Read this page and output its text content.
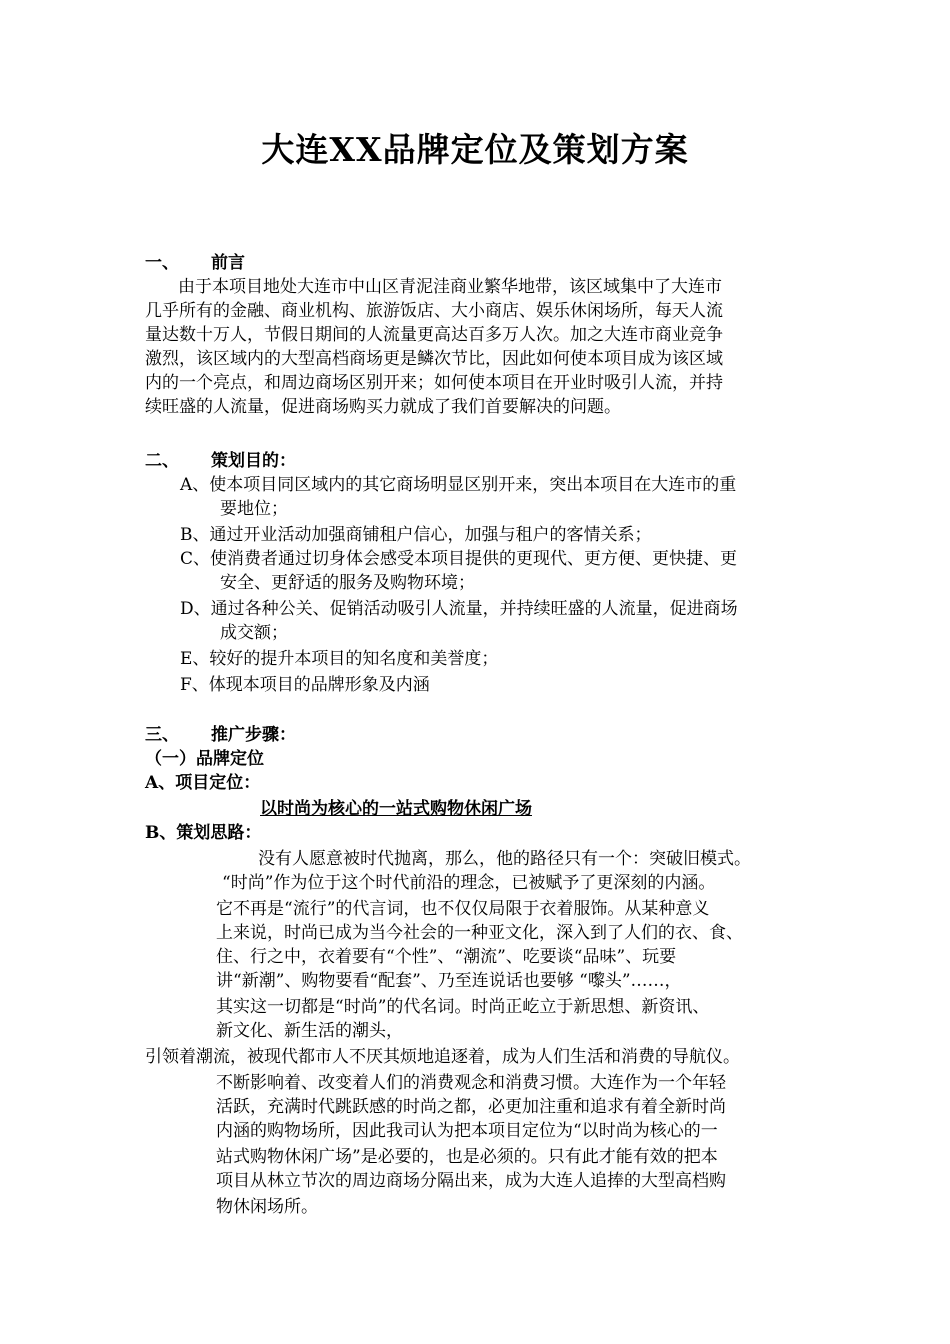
大连XX品牌定位及策划方案
一、 前言
由于本项目地处大连市中山区青泥洼商业繁华地带，该区域集中了大连市
几乎所有的金融、商业机构、旅游饭店、大小商店、娱乐休闲场所，每天人流
量达数十万人，节假日期间的人流量更高达百多万人次。加之大连市商业竞争
激烈，该区域内的大型高档商场更是鳞次节比，因此如何使本项目成为该区域
内的一个亮点，和周边商场区别开来；如何使本项目在开业时吸引人流，并持
续旺盛的人流量，促进商场购买力就成了我们首要解决的问题。
二、 策划目的：
A、使本项目同区域内的其它商场明显区别开来，突出本项目在大连市的重
要地位；
B、通过开业活动加强商铺租户信心，加强与租户的客情关系；
C、使消费者通过切身体会感受本项目提供的更现代、更方便、更快捷、更
安全、更舒适的服务及购物环境；
D、通过各种公关、促销活动吸引人流量，并持续旺盛的人流量，促进商场
成交额；
E、较好的提升本项目的知名度和美誉度；
F、体现本项目的品牌形象及内涵
三、 推广步骤：
（一）品牌定位
A、项目定位：
以时尚为核心的一站式购物休闲广场
B、策划思路：
没有人愿意被时代抛离，那么，他的路径只有一个：突破旧模式。
“时尚”作为位于这个时代前沿的理念，已被赋予了更深刻的内涵。
它不再是“流行”的代言词，也不仅仅局限于衣着服饰。从某种意义
上来说，时尚已成为当今社会的一种亚文化，深入到了人们的衣、食、
住、行之中，衣着要有“个性”、“潮流”、吃要谈“品味”、玩要
讲“新潮”、购物要看“配套”、乃至连说话也要够 “嚟头”……，
其实这一切都是“时尚”的代名词。时尚正屹立于新思想、新资讯、
新文化、新生活的潮头，
引领着潮流，被现代都市人不厌其烦地追逐着，成为人们生活和消费的导航仪。
不断影响着、改变着人们的消费观念和消费习惯。大连作为一个年轻
活跃，充满时代跳跃感的时尚之都，必更加注重和追求有着全新时尚
内涵的购物场所，因此我司认为把本项目定位为“以时尚为核心的一
站式购物休闲广场”是必要的，也是必须的。只有此才能有效的把本
项目从林立节次的周边商场分隔出来，成为大连人追捧的大型高档购
物休闲场所。
